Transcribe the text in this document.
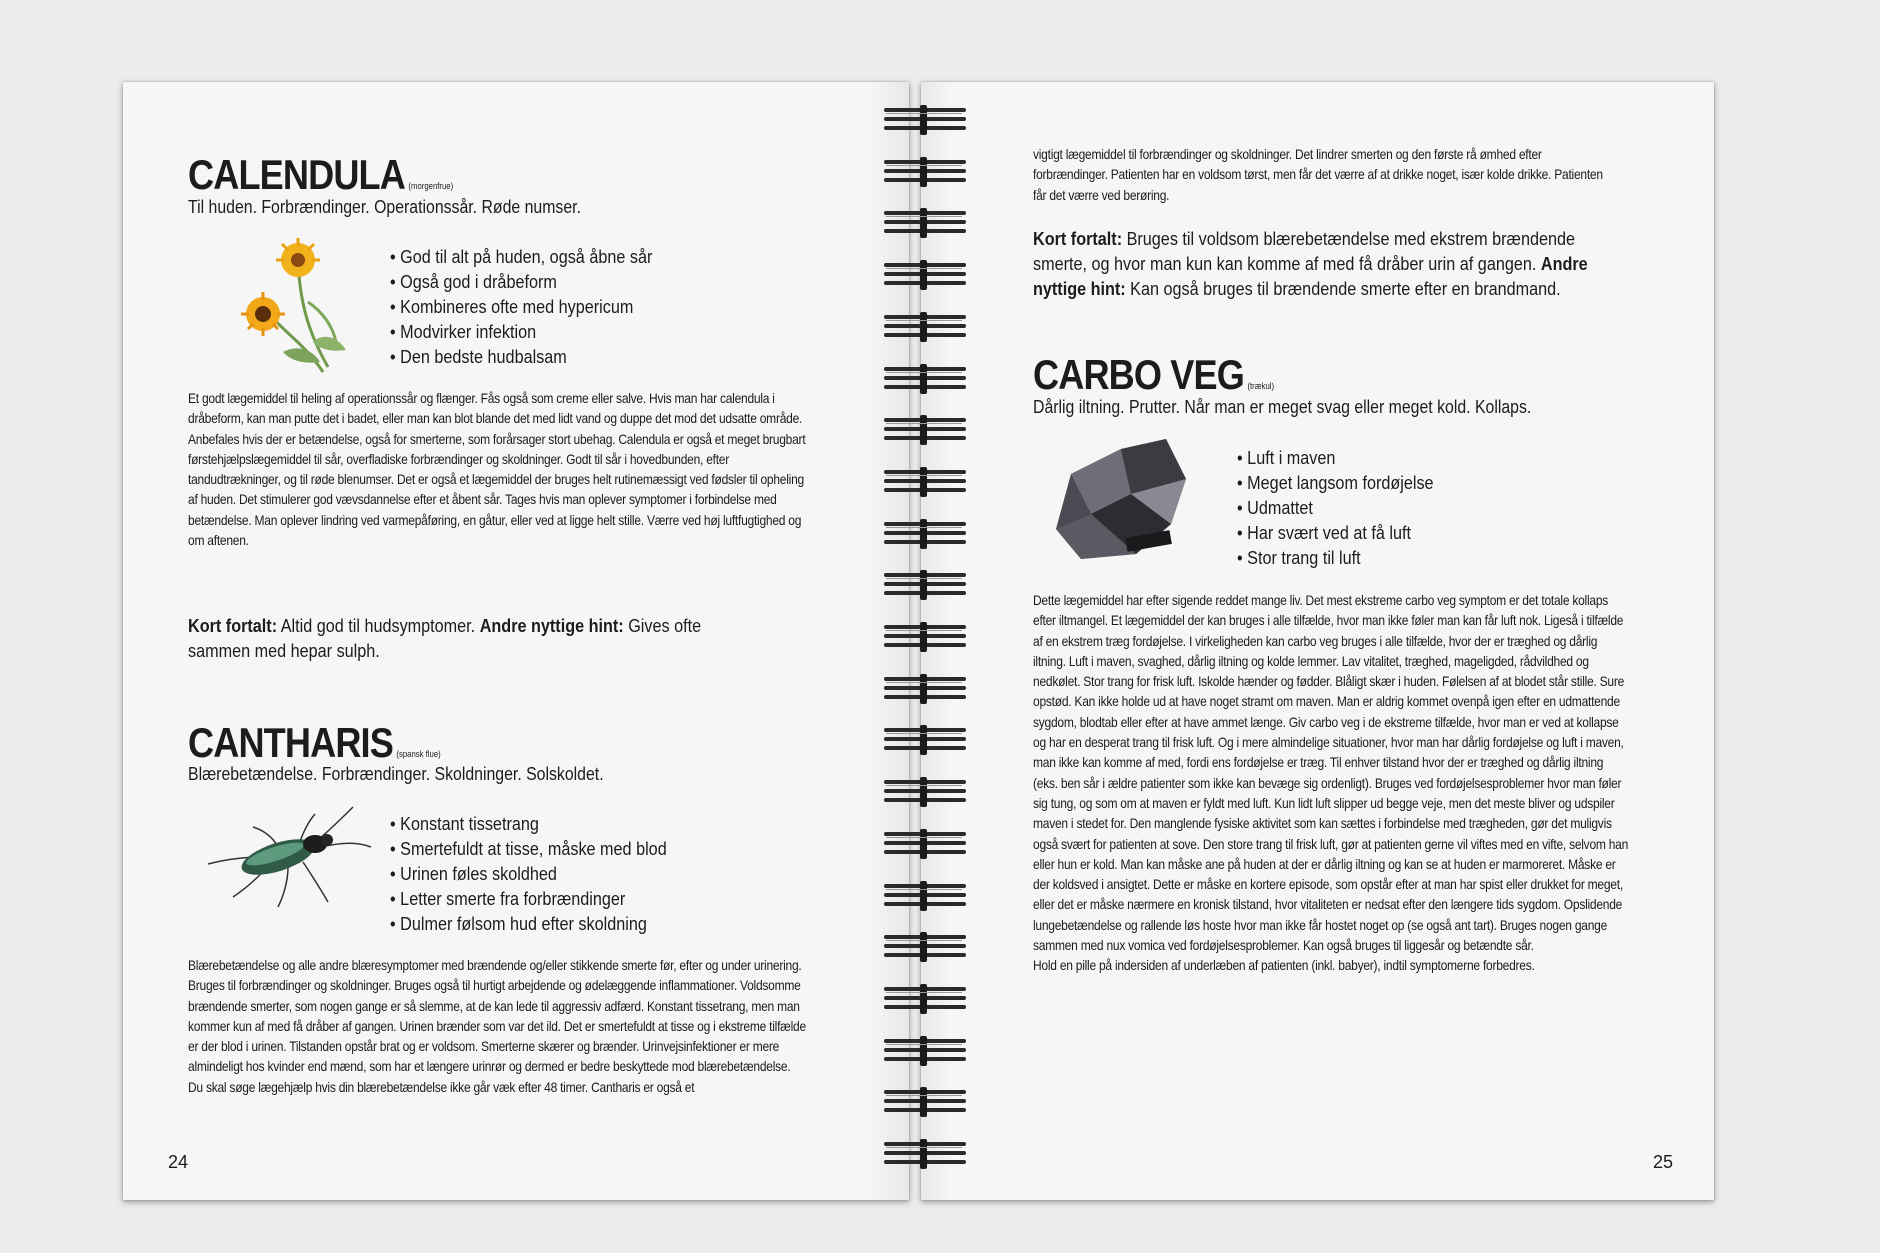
CALENDULA (morgenfrue)
Til huden. Forbrændinger. Operationssår. Røde numser.
• God til alt på huden, også åbne sår
• Også god i dråbeform
• Kombineres ofte med hypericum
• Modvirker infektion
• Den bedste hudbalsam
Et godt lægemiddel til heling af operationssår og flænger. Fås også som creme eller salve. Hvis man har calendula i dråbeform, kan man putte det i badet, eller man kan blot blande det med lidt vand og duppe det mod det udsatte område. Anbefales hvis der er betændelse, også for smerterne, som forårsager stort ubehag. Calendula er også et meget brugbart førstehjælpslægemiddel til sår, overfladiske forbrændinger og skoldninger. Godt til sår i hovedbunden, efter tandudtrækninger, og til røde blenumser. Det er også et lægemiddel der bruges helt rutinemæssigt ved fødsler til opheling af huden. Det stimulerer god vævsdannelse efter et åbent sår. Tages hvis man oplever symptomer i forbindelse med betændelse. Man oplever lindring ved varmepåføring, en gåtur, eller ved at ligge helt stille. Værre ved høj luftfugtighed og om aftenen.
Kort fortalt: Altid god til hudsymptomer. Andre nyttige hint: Gives ofte sammen med hepar sulph.
CANTHARIS (spansk flue)
Blærebetændelse. Forbrændinger. Skoldninger. Solskoldet.
• Konstant tissetrang
• Smertefuldt at tisse, måske med blod
• Urinen føles skoldhed
• Letter smerte fra forbrændinger
• Dulmer følsom hud efter skoldning
Blærebetændelse og alle andre blæresymptomer med brændende og/eller stikkende smerte før, efter og under urinering. Bruges til forbrændinger og skoldninger. Bruges også til hurtigt arbejdende og ødelæggende inflammationer. Voldsomme brændende smerter, som nogen gange er så slemme, at de kan lede til aggressiv adfærd. Konstant tissetrang, men man kommer kun af med få dråber af gangen. Urinen brænder som var det ild. Det er smertefuldt at tisse og i ekstreme tilfælde er der blod i urinen. Tilstanden opstår brat og er voldsom. Smerterne skærer og brænder. Urinvejsinfektioner er mere almindeligt hos kvinder end mænd, som har et længere urinrør og dermed er bedre beskyttede mod blærebetændelse. Du skal søge lægehjælp hvis din blærebetændelse ikke går væk efter 48 timer. Cantharis er også et
24
vigtigt lægemiddel til forbrændinger og skoldninger. Det lindrer smerten og den første rå ømhed efter forbrændinger. Patienten har en voldsom tørst, men får det værre af at drikke noget, især kolde drikke. Patienten får det værre ved berøring.
Kort fortalt: Bruges til voldsom blærebetændelse med ekstrem brændende smerte, og hvor man kun kan komme af med få dråber urin af gangen. Andre nyttige hint: Kan også bruges til brændende smerte efter en brandmand.
CARBO VEG (trækul)
Dårlig iltning. Prutter. Når man er meget svag eller meget kold. Kollaps.
• Luft i maven
• Meget langsom fordøjelse
• Udmattet
• Har svært ved at få luft
• Stor trang til luft
Dette lægemiddel har efter sigende reddet mange liv. Det mest ekstreme carbo veg symptom er det totale kollaps efter iltmangel. Et lægemiddel der kan bruges i alle tilfælde, hvor man ikke føler man kan får luft nok. Ligeså i tilfælde af en ekstrem træg fordøjelse. I virkeligheden kan carbo veg bruges i alle tilfælde, hvor der er træghed og dårlig iltning. Luft i maven, svaghed, dårlig iltning og kolde lemmer. Lav vitalitet, træghed, mageligded, rådvildhed og nedkølet. Stor trang for frisk luft. Iskolde hænder og fødder. Blåligt skær i huden. Følelsen af at blodet står stille. Sure opstød. Kan ikke holde ud at have noget stramt om maven. Man er aldrig kommet ovenpå igen efter en udmattende sygdom, blodtab eller efter at have ammet længe. Giv carbo veg i de ekstreme tilfælde, hvor man er ved at kollapse og har en desperat trang til frisk luft. Og i mere almindelige situationer, hvor man har dårlig fordøjelse og luft i maven, man ikke kan komme af med, fordi ens fordøjelse er træg. Til enhver tilstand hvor der er træghed og dårlig iltning (eks. ben sår i ældre patienter som ikke kan bevæge sig ordenligt). Bruges ved fordøjelsesproblemer hvor man føler sig tung, og som om at maven er fyldt med luft. Kun lidt luft slipper ud begge veje, men det meste bliver og udspiler maven i stedet for. Den manglende fysiske aktivitet som kan sættes i forbindelse med trægheden, gør det muligvis også svært for patienten at sove. Den store trang til frisk luft, gør at patienten gerne vil viftes med en vifte, selvom han eller hun er kold. Man kan måske ane på huden at der er dårlig iltning og kan se at huden er marmoreret. Måske er der koldsved i ansigtet. Dette er måske en kortere episode, som opstår efter at man har spist eller drukket for meget, eller det er måske nærmere en kronisk tilstand, hvor vitaliteten er nedsat efter den længere tids sygdom. Opslidende lungebetændelse og rallende løs hoste hvor man ikke får hostet noget op (se også ant tart). Bruges nogen gange sammen med nux vomica ved fordøjelsesproblemer. Kan også bruges til liggesår og betændte sår.
Hold en pille på indersiden af underlæben af patienten (inkl. babyer), indtil symptomerne forbedres.
25
